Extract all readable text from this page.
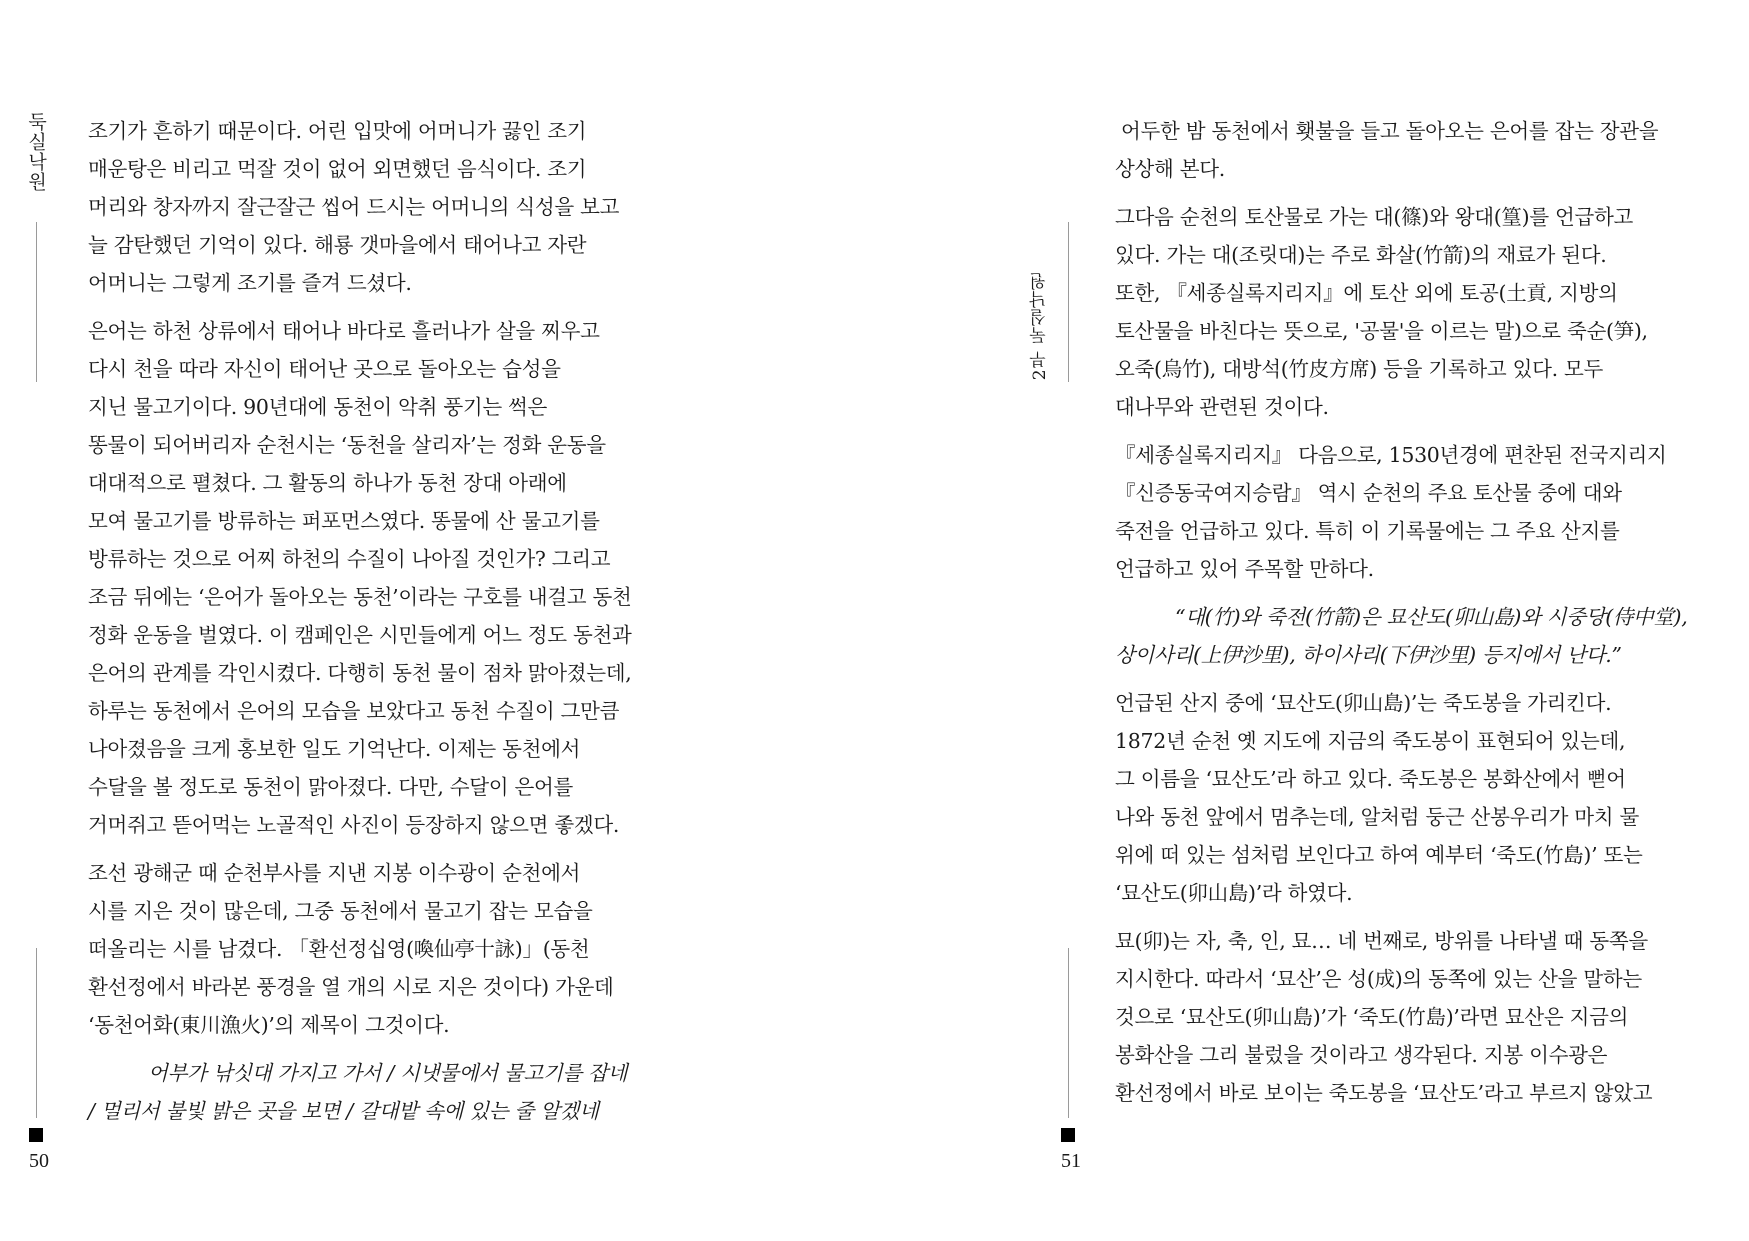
둑실낙원
50
조기가 흔하기 때문이다. 어린 입맛에 어머니가 끓인 조기
매운탕은 비리고 먹잘 것이 없어 외면했던 음식이다. 조기
머리와 창자까지 잘근잘근 씹어 드시는 어머니의 식성을 보고
늘 감탄했던 기억이 있다. 해룡 갯마을에서 태어나고 자란
어머니는 그렇게 조기를 즐겨 드셨다.
은어는 하천 상류에서 태어나 바다로 흘러나가 살을 찌우고
다시 천을 따라 자신이 태어난 곳으로 돌아오는 습성을
지닌 물고기이다. 90년대에 동천이 악취 풍기는 썩은
똥물이 되어버리자 순천시는 ‘동천을 살리자’는 정화 운동을
대대적으로 펼쳤다. 그 활동의 하나가 동천 장대 아래에
모여 물고기를 방류하는 퍼포먼스였다. 똥물에 산 물고기를
방류하는 것으로 어찌 하천의 수질이 나아질 것인가? 그리고
조금 뒤에는 ‘은어가 돌아오는 동천’이라는 구호를 내걸고 동천
정화 운동을 벌였다. 이 캠페인은 시민들에게 어느 정도 동천과
은어의 관계를 각인시켰다. 다행히 동천 물이 점차 맑아졌는데,
하루는 동천에서 은어의 모습을 보았다고 동천 수질이 그만큼
나아졌음을 크게 홍보한 일도 기억난다. 이제는 동천에서
수달을 볼 정도로 동천이 맑아졌다. 다만, 수달이 은어를
거머쥐고 뜯어먹는 노골적인 사진이 등장하지 않으면 좋겠다.
조선 광해군 때 순천부사를 지낸 지봉 이수광이 순천에서
시를 지은 것이 많은데, 그중 동천에서 물고기 잡는 모습을
떠올리는 시를 남겼다. 「환선정십영(喚仙亭十詠)」(동천
환선정에서 바라본 풍경을 열 개의 시로 지은 것이다) 가운데
‘동천어화(東川漁火)’의 제목이 그것이다.
어부가 낚싯대 가지고 가서 / 시냇물에서 물고기를 잡네
/ 멀리서 불빛 밝은 곳을 보면 / 갈대밭 속에 있는 줄 알겠네
2부 둑실낙원
51
어두한 밤 동천에서 횃불을 들고 돌아오는 은어를 잡는 장관을
상상해 본다.
그다음 순천의 토산물로 가는 대(篠)와 왕대(篁)를 언급하고
있다. 가는 대(조릿대)는 주로 화살(竹箭)의 재료가 된다.
또한, 『세종실록지리지』에 토산 외에 토공(土貢, 지방의
토산물을 바친다는 뜻으로, '공물'을 이르는 말)으로 죽순(笋),
오죽(烏竹), 대방석(竹皮方席) 등을 기록하고 있다. 모두
대나무와 관련된 것이다.
『세종실록지리지』 다음으로, 1530년경에 편찬된 전국지리지
『신증동국여지승람』 역시 순천의 주요 토산물 중에 대와
죽전을 언급하고 있다. 특히 이 기록물에는 그 주요 산지를
언급하고 있어 주목할 만하다.
“대(竹)와 죽전(竹箭)은 묘산도(卯山島)와 시중당(侍中堂),
상이사리(上伊沙里), 하이사리(下伊沙里) 등지에서 난다.”
언급된 산지 중에 ‘묘산도(卯山島)’는 죽도봉을 가리킨다.
1872년 순천 옛 지도에 지금의 죽도봉이 표현되어 있는데,
그 이름을 ‘묘산도’라 하고 있다. 죽도봉은 봉화산에서 뻗어
나와 동천 앞에서 멈추는데, 알처럼 둥근 산봉우리가 마치 물
위에 떠 있는 섬처럼 보인다고 하여 예부터 ‘죽도(竹島)’ 또는
‘묘산도(卯山島)’라 하였다.
묘(卯)는 자, 축, 인, 묘… 네 번째로, 방위를 나타낼 때 동쪽을
지시한다. 따라서 ‘묘산’은 성(成)의 동쪽에 있는 산을 말하는
것으로 ‘묘산도(卯山島)’가 ‘죽도(竹島)’라면 묘산은 지금의
봉화산을 그리 불렀을 것이라고 생각된다. 지봉 이수광은
환선정에서 바로 보이는 죽도봉을 ‘묘산도’라고 부르지 않았고
